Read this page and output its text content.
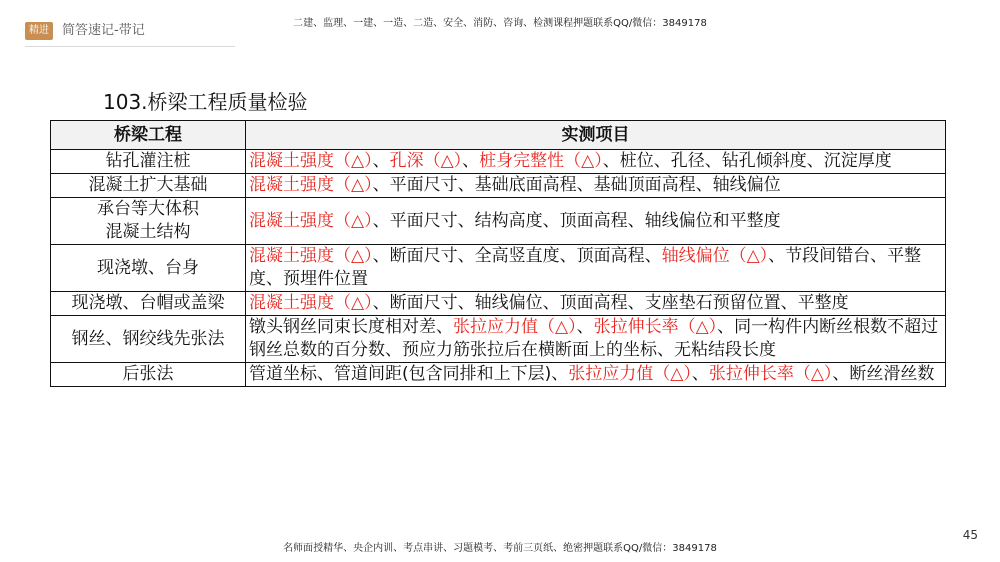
精进	简答速记-带记	二建、监理、一建、一造、二造、安全、消防、咨询、检测课程押题联系QQ/微信：3849178
103.桥梁工程质量检验
桥梁工程	实测项目
钻孔灌注桩	混凝土强度（△）、孔深（△）、桩身完整性（△）、桩位、孔径、钻孔倾斜度、沉淀厚度
混凝土扩大基础	混凝土强度（△）、平面尺寸、基础底面高程、基础顶面高程、轴线偏位
承台等大体积
混凝土结构	混凝土强度（△）、平面尺寸、结构高度、顶面高程、轴线偏位和平整度
现浇墩、台身	混凝土强度（△）、断面尺寸、全高竖直度、顶面高程、轴线偏位（△）、节段间错台、平整度、预埋件位置
现浇墩、台帽或盖梁	混凝土强度（△）、断面尺寸、轴线偏位、顶面高程、支座垫石预留位置、平整度
钢丝、钢绞线先张法	镦头钢丝同束长度相对差、张拉应力值（△）、张拉伸长率（△）、同一构件内断丝根数不超过钢丝总数的百分数、预应力筋张拉后在横断面上的坐标、无粘结段长度
后张法	管道坐标、管道间距(包含同排和上下层)、张拉应力值（△）、张拉伸长率（△）、断丝滑丝数
45
名师面授精华、央企内训、考点串讲、习题模考、考前三页纸、绝密押题联系QQ/微信：3849178
